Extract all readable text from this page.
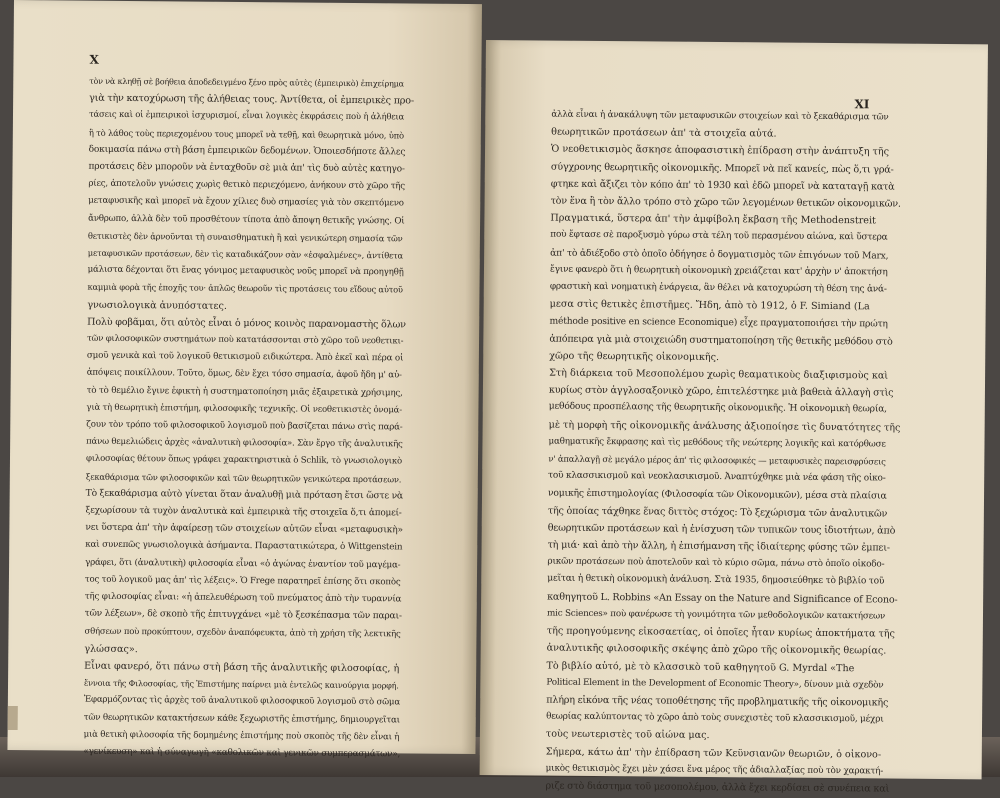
X
τὸν νὰ κληθῇ σὲ βοήθεια ἀποδεδειγμένο ξένο πρὸς αὐτὲς (ἐμπειρικὸ) ἐπιχείρημα
γιὰ τὴν κατοχύρωση τῆς ἀλήθειας τους. Ἀντίθετα, οἱ ἐμπειρικὲς προ-
τάσεις καὶ οἱ ἐμπειρικοὶ ἰσχυρισμοί, εἶναι λογικὲς ἐκφράσεις ποὺ ἡ ἀλήθεια
ἢ τὸ λάθος τοὺς περιεχομένου τους μπορεῖ νὰ τεθῇ, καὶ θεωρητικὰ μόνο, ὑπὸ
δοκιμασία πάνω στὴ βάση ἐμπειρικῶν δεδομένων. Ὁποιεσδήποτε ἄλλες
προτάσεις δὲν μποροῦν νὰ ἐνταχθοῦν σὲ μιὰ ἀπ' τὶς δυὸ αὐτὲς κατηγο-
ρίες, ἀποτελοῦν γνώσεις χωρὶς θετικὸ περιεχόμενο, ἀνήκουν στὸ χῶρο τῆς
μεταφυσικῆς καὶ μπορεῖ νὰ ἔχουν χίλιες δυὸ σημασίες γιὰ τὸν σκεπτόμενο
ἄνθρωπο, ἀλλὰ δὲν τοῦ προσθέτουν τίποτα ἀπὸ ἄποψη θετικῆς γνώσης. Οἱ
θετικιστὲς δὲν ἀρνοῦνται τὴ συναισθηματικὴ ἢ καὶ γενικώτερη σημασία τῶν
μεταφυσικῶν προτάσεων, δὲν τὶς καταδικάζουν σὰν «ἐσφαλμένες», ἀντίθετα
μάλιστα δέχονται ὅτι ἔνας γόνιμος μεταφυσικὸς νοῦς μπορεῖ νὰ προηγηθῇ
καμμιὰ φορὰ τῆς ἐποχῆς του· ἁπλῶς θεωροῦν τὶς προτάσεις του εἴδους αὐτοῦ
γνωσιολογικὰ ἀνυπόστατες.
Πολὺ φοβᾶμαι, ὅτι αὐτὸς εἶναι ὁ μόνος κοινὸς παρανομαστὴς ὅλων
τῶν φιλοσοφικῶν συστημάτων ποὺ κατατάσσονται στὸ χῶρο τοῦ νεοθετικι-
σμοῦ γενικὰ καὶ τοῦ λογικοῦ θετικισμοῦ ειδικώτερα. Ἀπὸ ἐκεῖ καὶ πέρα οἱ
ἀπόψεις ποικίλλουν. Τοῦτο, ὅμως, δὲν ἔχει τόσο σημασία, ἀφοῦ ἤδη μ' αὐ-
τὸ τὸ θεμέλιο ἔγινε ἐφικτὴ ἡ συστηματοποίηση μιᾶς ἐξαιρετικὰ χρήσιμης,
γιὰ τὴ θεωρητικὴ ἐπιστήμη, φιλοσοφικῆς τεχνικῆς. Οἱ νεοθετικιστὲς ὀνομά-
ζουν τὸν τρόπο τοῦ φιλοσοφικοῦ λογισμοῦ ποὺ βασίζεται πάνω στὶς παρά-
πάνω θεμελιώδεις ἀρχὲς «ἀναλυτικὴ φιλοσοφία». Σὰν ἔργο τῆς ἀναλυτικῆς
φιλοσοφίας θέτουν ὅπως γράφει χαρακτηριστικὰ ὁ Schlik, τὸ γνωσιολογικὸ
ξεκαθάρισμα τῶν φιλοσοφικῶν καὶ τῶν θεωρητικῶν γενικώτερα προτάσεων.
Τὸ ξεκαθάρισμα αὐτὸ γίνεται ὅταν ἀναλυθῇ μιὰ πρόταση ἔτσι ὥστε νὰ
ξεχωρίσουν τὰ τυχὸν ἀναλυτικὰ καὶ ἐμπειρικὰ τῆς στοιχεῖα ὅ,τι ἀπομεί-
νει ὕστερα ἀπ' τὴν ἀφαίρεσῃ τῶν στοιχείων αὐτῶν εἶναι «μεταφυσικὴ»
καὶ συνεπῶς γνωσιολογικὰ ἀσήμαντα. Παραστατικώτερα, ὁ Wittgenstein
γράφει, ὅτι (ἀναλυτικὴ) φιλοσοφία εἶναι «ὁ ἀγώνας ἐναντίον τοῦ μαγέμα-
τος τοῦ λογικοῦ μας ἀπ' τὶς λέξεις». Ὁ Frege παρατηρεῖ ἐπίσης ὅτι σκοπὸς
τῆς φιλοσοφίας εἶναι: «ἡ ἀπελευθέρωση τοῦ πνεύματος ἀπὸ τὴν τυραννία
τῶν λέξεων», δὲ σκοπὸ τῆς ἐπιτυγχάνει «μὲ τὸ ξεσκέπασμα τῶν παραι-
σθήσεων ποὺ προκύπτουν, σχεδὸν ἀναπόφευκτα, ἀπὸ τὴ χρήση τῆς λεκτικῆς
γλώσσας».
Εἶναι φανερό, ὅτι πάνω στὴ βάση τῆς ἀναλυτικῆς φιλοσοφίας, ἡ
ἔννοια τῆς Φιλοσοφίας, τῆς Ἐπιστήμης παίρνει μιὰ ἐντελῶς καινούργια μορφή.
Ἐφαρμόζοντας τὶς ἀρχὲς τοῦ ἀναλυτικοῦ φιλοσοφικοῦ λογισμοῦ στὸ σῶμα
τῶν θεωρητικῶν κατακτήσεων κάθε ξεχωριστῆς ἐπιστήμης, δημιουργεῖται
μιὰ θετικὴ φιλοσοφία τῆς δομημένης ἐπιστήμης ποὺ σκοπὸς τῆς δὲν εἶναι ἡ
«γενίκευση» καὶ ἡ σύναγωγὴ «καθολικῶν καὶ γενικῶν συμπερασμάτων»,
XI
ἀλλὰ εἶναι ἡ ἀνακάλυψη τῶν μεταφυσικῶν στοιχείων καὶ τὸ ξεκαθάρισμα τῶν
θεωρητικῶν προτάσεων ἀπ' τὰ στοιχεῖα αὐτά.
Ὁ νεοθετικισμὸς ἄσκησε ἀποφασιστικὴ ἐπίδραση στὴν ἀνάπτυξη τῆς
σύγχρονης θεωρητικῆς οἰκονομικῆς. Μπορεῖ νὰ πεῖ κανείς, πὼς ὅ,τι γρά-
φτηκε καὶ ἄξιζει τὸν κόπο ἀπ' τὸ 1930 καὶ ἐδῶ μπορεῖ νὰ καταταγῇ κατὰ
τὸν ἕνα ἢ τὸν ἄλλο τρόπο στὸ χῶρο τῶν λεγομένων θετικῶν οἰκονομικῶν.
Πραγματικά, ὕστερα ἀπ' τὴν ἀμφίβολη ἔκβαση τῆς Methodenstreit
ποὺ ἔφτασε σὲ παροξυσμὸ γύρω στὰ τέλη τοῦ περασμένου αἰώνα, καὶ ὕστερα
ἀπ' τὸ ἀδιέξοδο στὸ ὁποῖο ὁδήγησε ὁ δογματισμὸς τῶν ἐπιγόνων τοῦ Marx,
ἔγινε φανερὸ ὅτι ἡ θεωρητικὴ οἰκονομικὴ χρειάζεται κατ' ἀρχὴν ν' ἀποκτήση
φραστικὴ καὶ νοηματικὴ ἐνάργεια, ἂν θέλει νὰ κατοχυρώση τὴ θέση της ἀνά-
μεσα στὶς θετικὲς ἐπιστῆμες. Ἤδη, ἀπὸ τὸ 1912, ὁ F. Simiand (La
méthode positive en science Economique) εἶχε πραγματοποιήσει τὴν πρώτη
ἀπόπειρα γιὰ μιὰ στοιχειώδη συστηματοποίηση τῆς θετικῆς μεθόδου στὸ
χῶρο τῆς θεωρητικῆς οἰκονομικῆς.
Στὴ διάρκεια τοῦ Μεσοπολέμου χωρὶς θεαματικοὺς διαξιφισμοὺς καὶ
κυρίως στὸν ἀγγλοσαξονικὸ χῶρο, ἐπιτελέστηκε μιὰ βαθειὰ ἀλλαγὴ στὶς
μεθόδους προσπέλασης τῆς θεωρητικῆς οἰκονομικῆς. Ἡ οἰκονομικὴ θεωρία,
μὲ τὴ μορφὴ τῆς οἰκονομικῆς ἀνάλυσης ἀξιοποίησε τὶς δυνατότητες τῆς
μαθηματικῆς ἔκφρασης καὶ τὶς μεθόδους τῆς νεώτερης λογικῆς καὶ κατόρθωσε
ν' ἀπαλλαγῇ σὲ μεγάλο μέρος ἀπ' τὶς φιλοσοφικές — μεταφυσικὲς παρεισφρύσεις
τοῦ κλασσικισμοῦ καὶ νεοκλασικισμοῦ. Ἀναπτύχθηκε μιὰ νέα φάση τῆς οἰκο-
νομικῆς ἐπιστημολογίας (Φιλοσοφία τῶν Οἰκονομικῶν), μέσα στὰ πλαίσια
τῆς ὁποίας τάχθηκε ἕνας διττὸς στόχος: Τὸ ξεχώρισμα τῶν ἀναλυτικῶν
θεωρητικῶν προτάσεων καὶ ἡ ἐνίσχυση τῶν τυπικῶν τους ἰδιοτήτων, ἀπὸ
τὴ μιά· καὶ ἀπὸ τὴν ἄλλη, ἡ ἐπισήμανση τῆς ἰδιαίτερης φύσης τῶν ἐμπει-
ρικῶν προτάσεων ποὺ ἀποτελοῦν καὶ τὸ κύριο σῶμα, πάνω στὸ ὁποῖο οἰκοδο-
μεῖται ἡ θετικὴ οἰκονομικὴ ἀνάλυση. Στὰ 1935, δημοσιεύθηκε τὸ βιβλίο τοῦ
καθηγητοῦ L. Robbins «An Essay on the Nature and Significance of Econo-
mic Sciences» ποὺ φανέρωσε τὴ γονιμότητα τῶν μεθοδολογικῶν κατακτήσεων
τῆς προηγούμενης εἰκοσαετίας, οἱ ὁποῖες ἦταν κυρίως ἀποκτήματα τῆς
ἀναλυτικῆς φιλοσοφικῆς σκέψης ἀπὸ χῶρο τῆς οἰκονομικῆς θεωρίας.
Τὸ βιβλίο αὐτό, μὲ τὸ κλασσικὸ τοῦ καθηγητοῦ G. Myrdal «The
Political Element in the Development of Economic Theory», δίνουν μιὰ σχεδὸν
πλήρη εἰκόνα τῆς νέας τοποθέτησης τῆς προβληματικῆς τῆς οἰκονομικῆς
θεωρίας καλύπτοντας τὸ χῶρο ἀπὸ τοὺς συνεχιστὲς τοῦ κλασσικισμοῦ, μέχρι
τοὺς νεωτεριστὲς τοῦ αἰώνα μας.
Σήμερα, κάτω ἀπ' τὴν ἐπίδραση τῶν Κεϋνσιανῶν θεωριῶν, ὁ οἰκονο-
μικὸς θετικισμὸς ἔχει μὲν χάσει ἕνα μέρος τῆς ἀδιαλλαξίας ποὺ τὸν χαρακτή-
ριζε στὸ διάστημα τοῦ μεσοπολέμου, ἀλλὰ ἔχει κερδίσει σὲ συνέπεια καὶ
